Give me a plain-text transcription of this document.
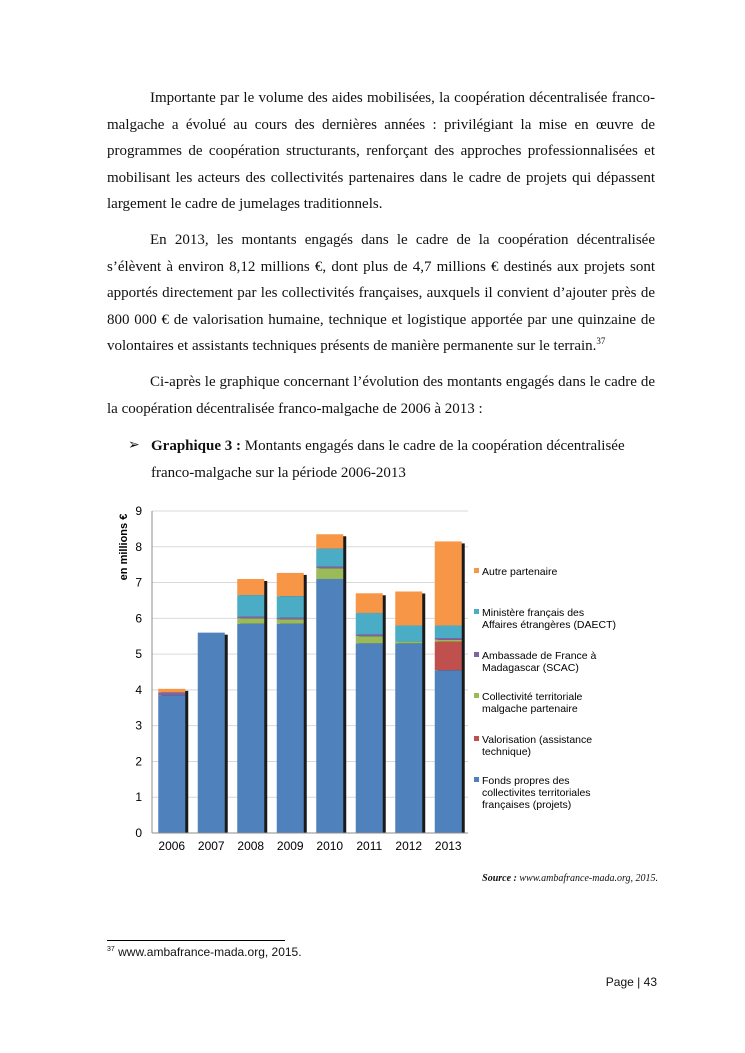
Importante par le volume des aides mobilisées, la coopération décentralisée franco-malgache a évolué au cours des dernières années : privilégiant la mise en œuvre de programmes de coopération structurants, renforçant des approches professionnalisées et mobilisant les acteurs des collectivités partenaires dans le cadre de projets qui dépassent largement le cadre de jumelages traditionnels.

En 2013, les montants engagés dans le cadre de la coopération décentralisée s’élèvent à environ 8,12 millions €, dont plus de 4,7 millions € destinés aux projets sont apportés directement par les collectivités françaises, auxquels il convient d’ajouter près de 800 000 € de valorisation humaine, technique et logistique apportée par une quinzaine de volontaires et assistants techniques présents de manière permanente sur le terrain.$^{37}$

Ci-après le graphique concernant l’évolution des montants engagés dans le cadre de la coopération décentralisée franco-malgache de 2006 à 2013 :

➢ Graphique 3 : Montants engagés dans le cadre de la coopération décentralisée franco-malgache sur la période 2006-2013
0
1
2
3
4
5
6
7
8
9
2006 2007 2008 2009 2010 2011 2012 2013
en millions €	Autre partenaire
Ministère français des Affaires étrangères (DAECT)
Ambassade de France à Madagascar (SCAC)
Collectivité territoriale malgache partenaire
Valorisation (assistance technique)
Fonds propres des collectivites territoriales françaises (projets)
Source : www.ambafrance-mada.org, 2015.
$^{37}$ www.ambafrance-mada.org, 2015.
Page | 43
